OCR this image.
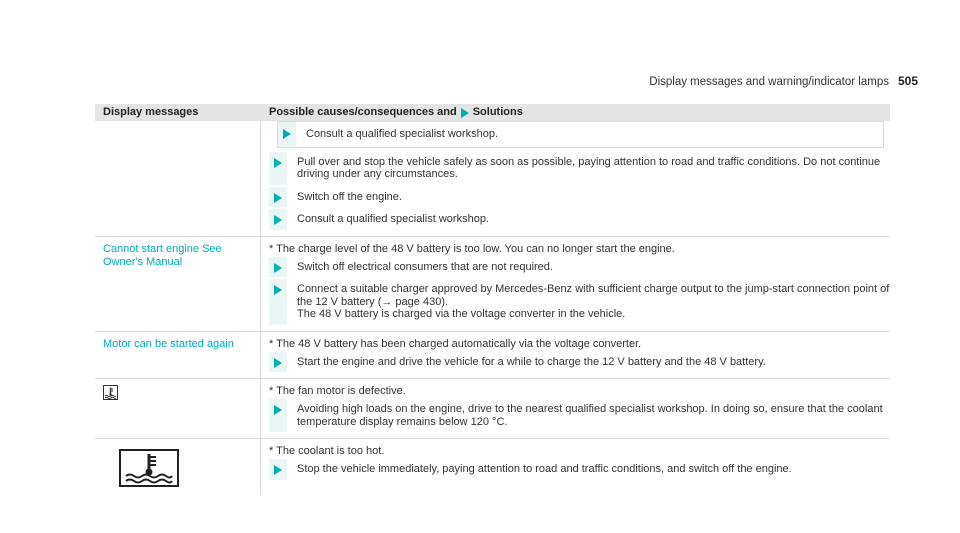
Display messages and warning/indicator lamps 505
Display messages	Possible causes/consequences and Solutions
Consult a qualified specialist workshop.
Pull over and stop the vehicle safely as soon as possible, paying attention to road and traffic conditions. Do not continue driving under any circumstances.
Switch off the engine.
Consult a qualified specialist workshop.
Cannot start engine See Owner's Manual
* The charge level of the 48 V battery is too low. You can no longer start the engine.
Switch off electrical consumers that are not required.
Connect a suitable charger approved by Mercedes-Benz with sufficient charge output to the jump-start connection point of the 12 V battery (→ page 430).
The 48 V battery is charged via the voltage converter in the vehicle.
Motor can be started again	* The 48 V battery has been charged automatically via the voltage converter.
Start the engine and drive the vehicle for a while to charge the 12 V battery and the 48 V battery.
* The fan motor is defective.
Avoiding high loads on the engine, drive to the nearest qualified specialist workshop. In doing so, ensure that the coolant temperature display remains below 120 °C.
* The coolant is too hot.
Stop the vehicle immediately, paying attention to road and traffic conditions, and switch off the engine.
